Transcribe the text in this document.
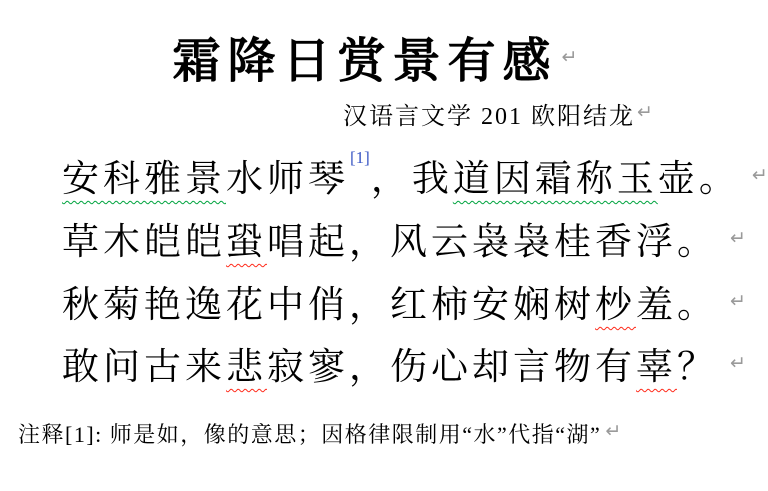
霜降日赏景有感 ↵
汉语言文学 201 欧阳结龙 ↵
安科雅景水师琴[1]，我道因霜称玉壶。 ↵
草木皑皑蛩唱起，风云袅袅桂香浮。 ↵
秋菊艳逸花中俏，红柿安娴树杪羞。 ↵
敢问古来悲寂寥，伤心却言物有辜？ ↵
注释[1]: 师是如，像的意思；因格律限制用“水”代指“湖” ↵
